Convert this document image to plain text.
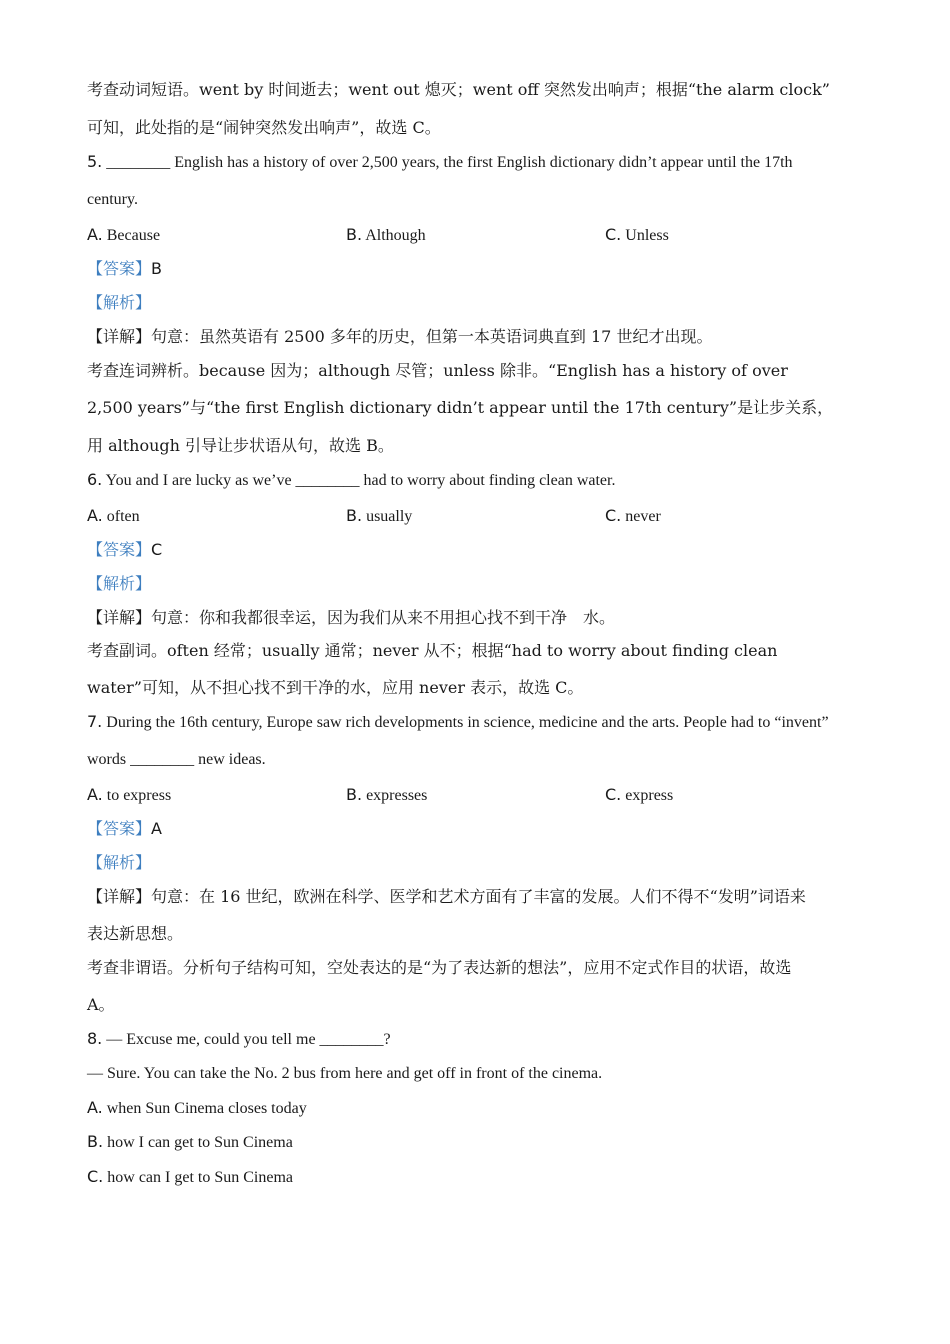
考查动词短语。went by 时间逝去；went out 熄灭；went off 突然发出响声；根据“the alarm clock”
可知，此处指的是“闹钟突然发出响声”，故选 C。
5. ________ English has a history of over 2,500 years, the first English dictionary didn’t appear until the 17th
century.
A. Because	B. Although	C. Unless
【答案】B
【解析】
【详解】句意：虽然英语有 2500 多年的历史，但第一本英语词典直到 17 世纪才出现。
考查连词辨析。because 因为；although 尽管；unless 除非。“English has a history of over
2,500 years”与“the first English dictionary didn’t appear until the 17th century”是让步关系，
用 although 引导让步状语从句，故选 B。
6. You and I are lucky as we’ve ________ had to worry about finding clean water.
A. often	B. usually	C. never
【答案】C
【解析】
【详解】句意：你和我都很幸运，因为我们从来不用担心找不到干净　水。
考查副词。often 经常；usually 通常；never 从不；根据“had to worry about finding clean
water”可知，从不担心找不到干净的水，应用 never 表示，故选 C。
7. During the 16th century, Europe saw rich developments in science, medicine and the arts. People had to “invent”
words ________ new ideas.
A. to express	B. expresses	C. express
【答案】A
【解析】
【详解】句意：在 16 世纪，欧洲在科学、医学和艺术方面有了丰富的发展。人们不得不“发明”词语来
表达新思想。
考查非谓语。分析句子结构可知，空处表达的是“为了表达新的想法”，应用不定式作目的状语，故选
A。
8. — Excuse me, could you tell me ________?
— Sure. You can take the No. 2 bus from here and get off in front of the cinema.
A. when Sun Cinema closes today
B. how I can get to Sun Cinema
C. how can I get to Sun Cinema
